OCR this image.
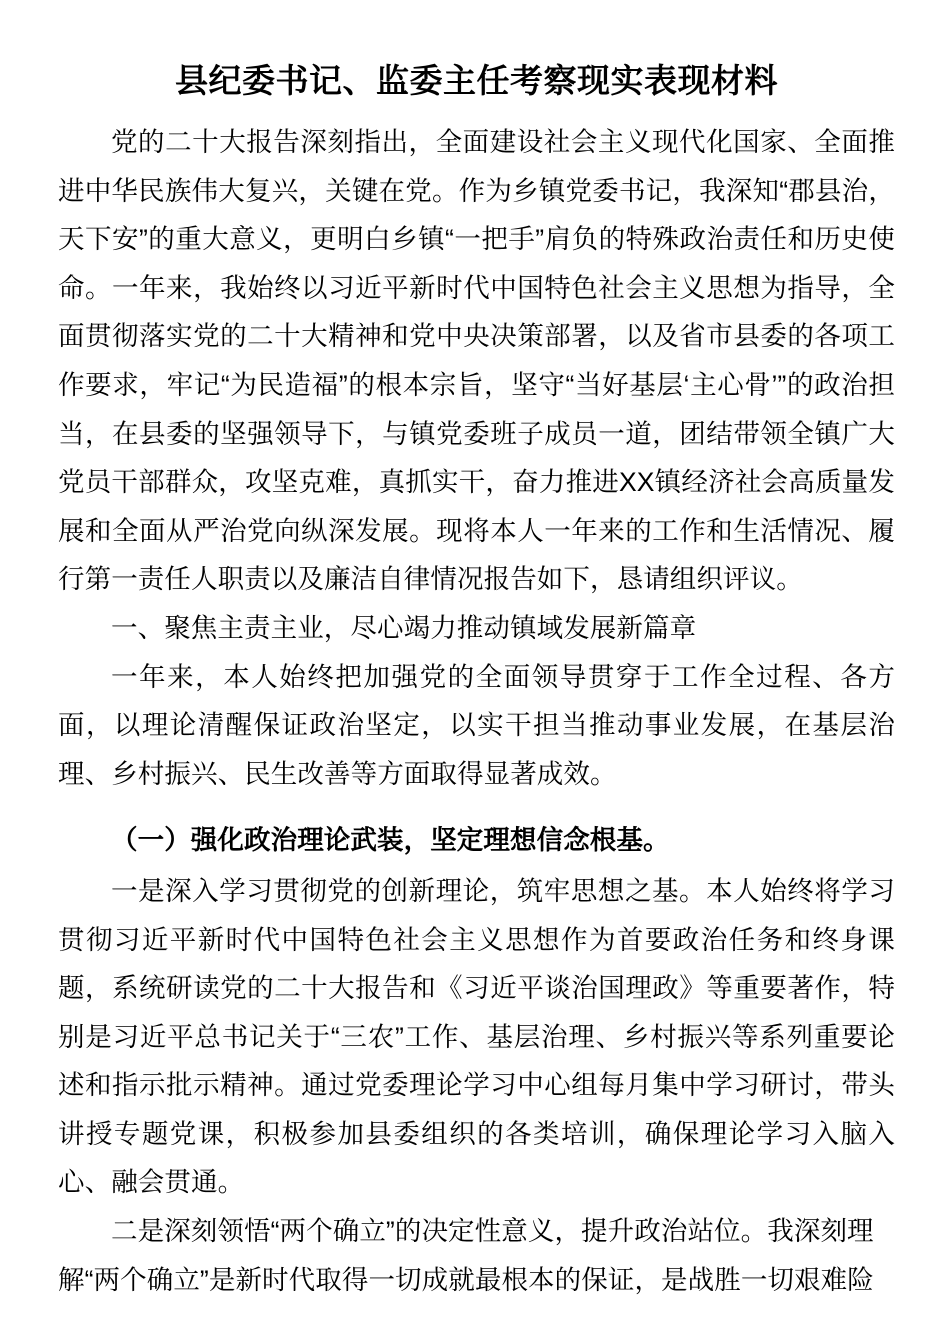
县纪委书记、监委主任考察现实表现材料

党的二十大报告深刻指出，全面建设社会主义现代化国家、全面推进中华民族伟大复兴，关键在党。作为乡镇党委书记，我深知“郡县治，天下安”的重大意义，更明白乡镇“一把手”肩负的特殊政治责任和历史使命。一年来，我始终以习近平新时代中国特色社会主义思想为指导，全面贯彻落实党的二十大精神和党中央决策部署，以及省市县委的各项工作要求，牢记“为民造福”的根本宗旨，坚守“当好基层‘主心骨’”的政治担当，在县委的坚强领导下，与镇党委班子成员一道，团结带领全镇广大党员干部群众，攻坚克难，真抓实干，奋力推进XX镇经济社会高质量发展和全面从严治党向纵深发展。现将本人一年来的工作和生活情况、履行第一责任人职责以及廉洁自律情况报告如下，恳请组织评议。

一、聚焦主责主业，尽心竭力推动镇域发展新篇章

一年来，本人始终把加强党的全面领导贯穿于工作全过程、各方面，以理论清醒保证政治坚定，以实干担当推动事业发展，在基层治理、乡村振兴、民生改善等方面取得显著成效。

（一）强化政治理论武装，坚定理想信念根基。

一是深入学习贯彻党的创新理论，筑牢思想之基。本人始终将学习贯彻习近平新时代中国特色社会主义思想作为首要政治任务和终身课题，系统研读党的二十大报告和《习近平谈治国理政》等重要著作，特别是习近平总书记关于“三农”工作、基层治理、乡村振兴等系列重要论述和指示批示精神。通过党委理论学习中心组每月集中学习研讨，带头讲授专题党课，积极参加县委组织的各类培训，确保理论学习入脑入心、融会贯通。

二是深刻领悟“两个确立”的决定性意义，提升政治站位。我深刻理解“两个确立”是新时代取得一切成就最根本的保证，是战胜一切艰难险
